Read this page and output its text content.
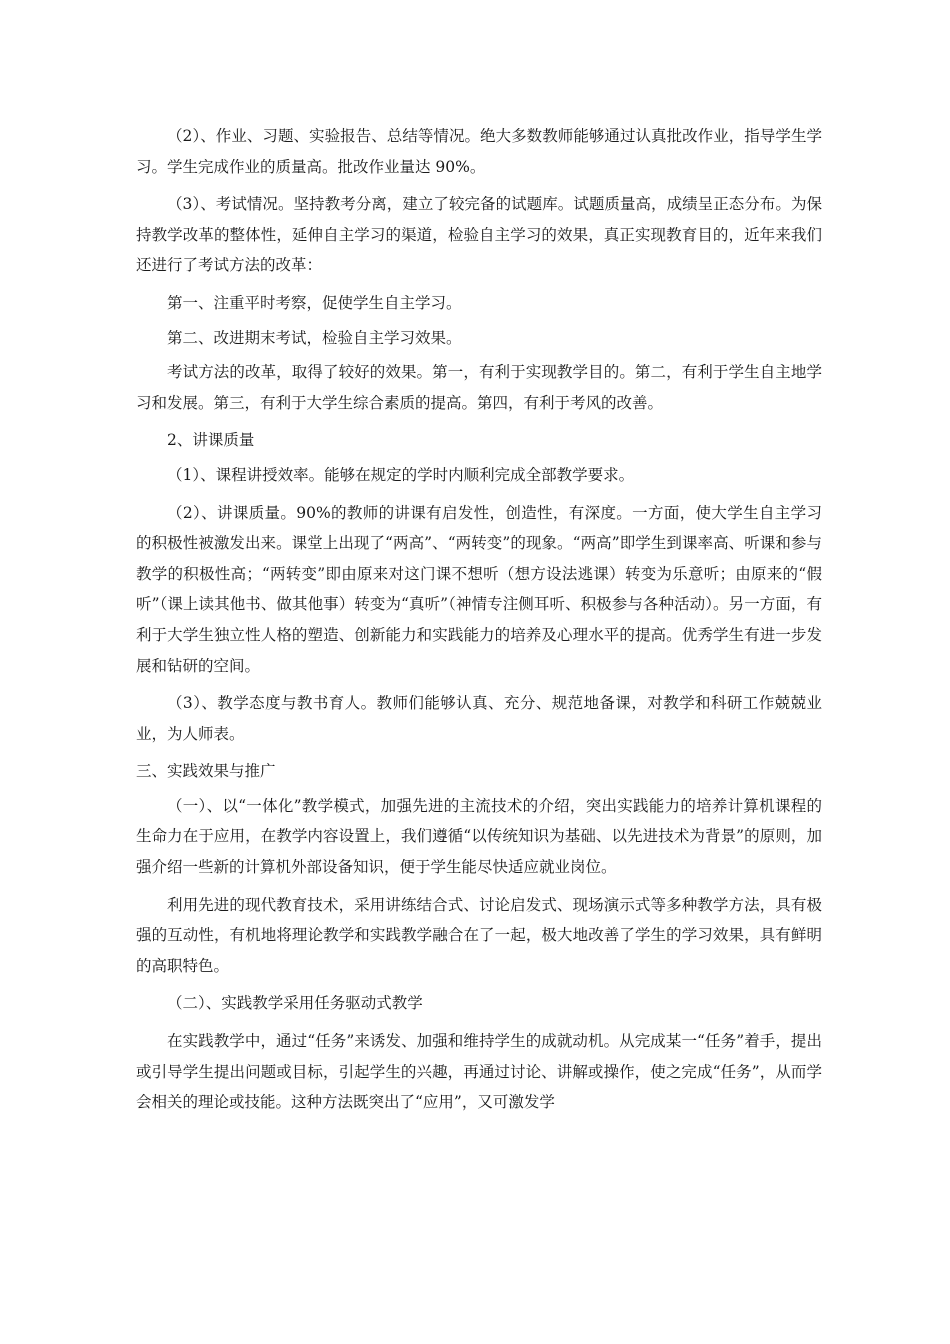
（2）、作业、习题、实验报告、总结等情况。绝大多数教师能够通过认真批改作业，指导学生学习。学生完成作业的质量高。批改作业量达 90%。

（3）、考试情况。坚持教考分离，建立了较完备的试题库。试题质量高，成绩呈正态分布。为保持教学改革的整体性，延伸自主学习的渠道，检验自主学习的效果，真正实现教育目的，近年来我们还进行了考试方法的改革：

第一、注重平时考察，促使学生自主学习。

第二、改进期末考试，检验自主学习效果。

考试方法的改革，取得了较好的效果。第一，有利于实现教学目的。第二，有利于学生自主地学习和发展。第三，有利于大学生综合素质的提高。第四，有利于考风的改善。

2、讲课质量

（1）、课程讲授效率。能够在规定的学时内顺利完成全部教学要求。

（2）、讲课质量。90%的教师的讲课有启发性，创造性，有深度。一方面，使大学生自主学习的积极性被激发出来。课堂上出现了“两高”、“两转变”的现象。“两高”即学生到课率高、听课和参与教学的积极性高；“两转变”即由原来对这门课不想听（想方设法逃课）转变为乐意听；由原来的“假听”（课上读其他书、做其他事）转变为“真听”（神情专注侧耳听、积极参与各种活动）。另一方面，有利于大学生独立性人格的塑造、创新能力和实践能力的培养及心理水平的提高。优秀学生有进一步发展和钻研的空间。

（3）、教学态度与教书育人。教师们能够认真、充分、规范地备课，对教学和科研工作兢兢业业，为人师表。

三、实践效果与推广

（一）、以“一体化”教学模式，加强先进的主流技术的介绍，突出实践能力的培养计算机课程的生命力在于应用，在教学内容设置上，我们遵循“以传统知识为基础、以先进技术为背景”的原则，加强介绍一些新的计算机外部设备知识，便于学生能尽快适应就业岗位。

利用先进的现代教育技术，采用讲练结合式、讨论启发式、现场演示式等多种教学方法，具有极强的互动性，有机地将理论教学和实践教学融合在了一起，极大地改善了学生的学习效果，具有鲜明的高职特色。

（二）、实践教学采用任务驱动式教学

在实践教学中，通过“任务”来诱发、加强和维持学生的成就动机。从完成某一“任务”着手，提出或引导学生提出问题或目标，引起学生的兴趣，再通过讨论、讲解或操作，使之完成“任务”，从而学会相关的理论或技能。这种方法既突出了“应用”，又可激发学
